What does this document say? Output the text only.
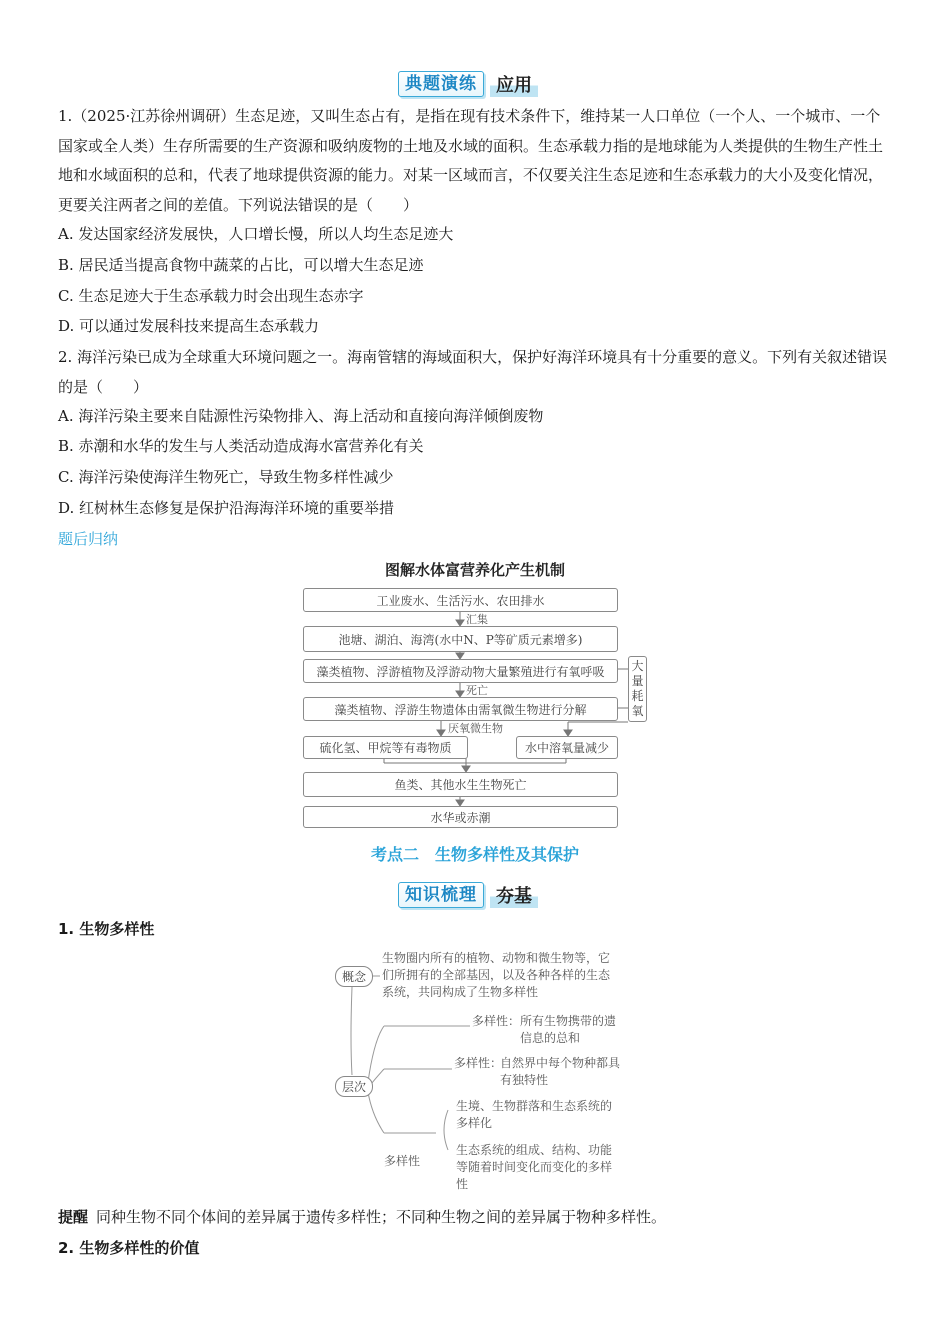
典题演练	应用

1.（2025·江苏徐州调研）生态足迹，又叫生态占有，是指在现有技术条件下，维持某一人口单位（一个人、一个城市、一个国家或全人类）生存所需要的生产资源和吸纳废物的土地及水域的面积。生态承载力指的是地球能为人类提供的生物生产性土地和水域面积的总和，代表了地球提供资源的能力。对某一区域而言，不仅要关注生态足迹和生态承载力的大小及变化情况，更要关注两者之间的差值。下列说法错误的是（　　）

A. 发达国家经济发展快，人口增长慢，所以人均生态足迹大
B. 居民适当提高食物中蔬菜的占比，可以增大生态足迹
C. 生态足迹大于生态承载力时会出现生态赤字
D. 可以通过发展科技来提高生态承载力

2. 海洋污染已成为全球重大环境问题之一。海南管辖的海域面积大，保护好海洋环境具有十分重要的意义。下列有关叙述错误的是（　　）

A. 海洋污染主要来自陆源性污染物排入、海上活动和直接向海洋倾倒废物
B. 赤潮和水华的发生与人类活动造成海水富营养化有关
C. 海洋污染使海洋生物死亡，导致生物多样性减少
D. 红树林生态修复是保护沿海海洋环境的重要举措
题后归纳
图解水体富营养化产生机制
工业废水、生活污水、农田排水
汇集
池塘、湖泊、海湾(水中N、P等矿质元素增多)
藻类植物、浮游植物及浮游动物大量繁殖进行有氧呼吸
死亡
藻类植物、浮游生物遗体由需氧微生物进行分解
厌氧微生物
硫化氢、甲烷等有毒物质	水中溶氧量减少
鱼类、其他水生生物死亡
水华或赤潮
大量耗氧
考点二　生物多样性及其保护
知识梳理	夯基
1. 生物多样性
概念
生物圈内所有的植物、动物和微生物等，它们所拥有的全部基因，以及各种各样的生态系统，共同构成了生物多样性
层次
多样性： 所有生物携带的遗信息的总和
多样性：
自然界中每个物种都具有独特性
多样性
生境、生物群落和生态系统的多样化
生态系统的组成、结构、功能等随着时间变化而变化的多样性
提醒 同种生物不同个体间的差异属于遗传多样性；不同种生物之间的差异属于物种多样性。
2. 生物多样性的价值
